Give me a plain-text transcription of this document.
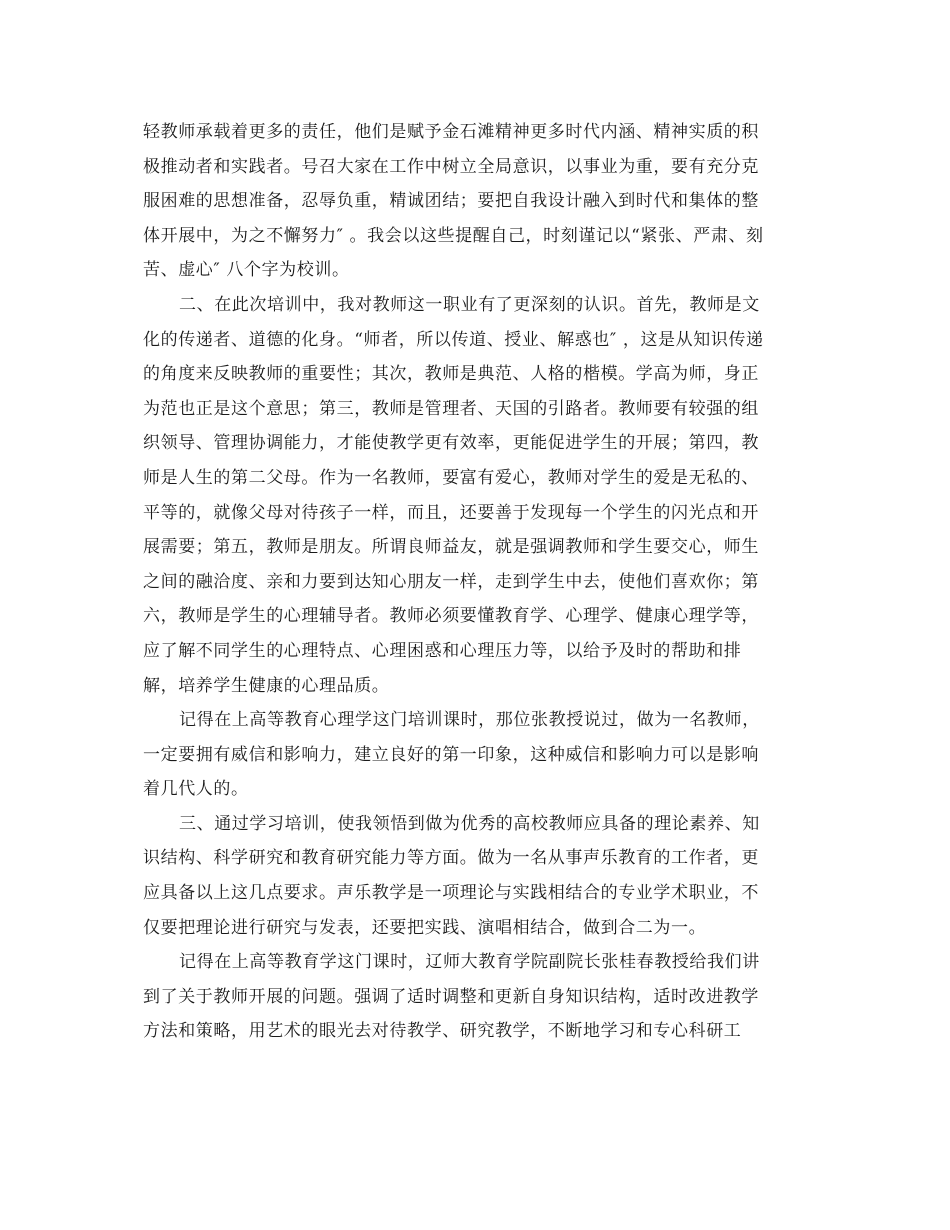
轻教师承载着更多的责任，他们是赋予金石滩精神更多时代内涵、精神实质的积
极推动者和实践者。号召大家在工作中树立全局意识，以事业为重，要有充分克
服困难的思想准备，忍辱负重，精诚团结；要把自我设计融入到时代和集体的整
体开展中，为之不懈努力″ 。我会以这些提醒自己，时刻谨记以“紧张、严肃、刻
苦、虚心″ 八个字为校训。
二、在此次培训中，我对教师这一职业有了更深刻的认识。首先，教师是文
化的传递者、道德的化身。“师者，所以传道、授业、解惑也″ ，这是从知识传递
的角度来反映教师的重要性；其次，教师是典范、人格的楷模。学高为师，身正
为范也正是这个意思；第三，教师是管理者、天国的引路者。教师要有较强的组
织领导、管理协调能力，才能使教学更有效率，更能促进学生的开展；第四，教
师是人生的第二父母。作为一名教师，要富有爱心，教师对学生的爱是无私的、
平等的，就像父母对待孩子一样，而且，还要善于发现每一个学生的闪光点和开
展需要；第五，教师是朋友。所谓良师益友，就是强调教师和学生要交心，师生
之间的融洽度、亲和力要到达知心朋友一样，走到学生中去，使他们喜欢你；第
六，教师是学生的心理辅导者。教师必须要懂教育学、心理学、健康心理学等，
应了解不同学生的心理特点、心理困惑和心理压力等，以给予及时的帮助和排
解，培养学生健康的心理品质。
记得在上高等教育心理学这门培训课时，那位张教授说过，做为一名教师，
一定要拥有威信和影响力，建立良好的第一印象，这种威信和影响力可以是影响
着几代人的。
三、通过学习培训，使我领悟到做为优秀的高校教师应具备的理论素养、知
识结构、科学研究和教育研究能力等方面。做为一名从事声乐教育的工作者，更
应具备以上这几点要求。声乐教学是一项理论与实践相结合的专业学术职业，不
仅要把理论进行研究与发表，还要把实践、演唱相结合，做到合二为一。
记得在上高等教育学这门课时，辽师大教育学院副院长张桂春教授给我们讲
到了关于教师开展的问题。强调了适时调整和更新自身知识结构，适时改进教学
方法和策略，用艺术的眼光去对待教学、研究教学，不断地学习和专心科研工
